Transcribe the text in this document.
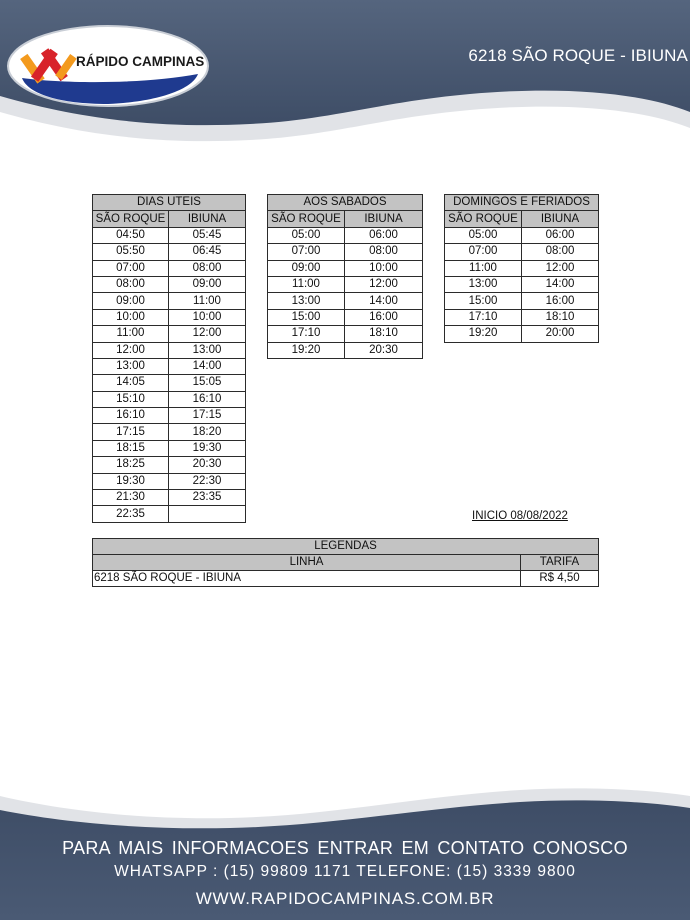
RÁPIDO CAMPINAS	6218 SÃO ROQUE - IBIUNA
DIAS UTEIS	
SÃO ROQUE	IBIUNA
04:50	05:45
05:50	06:45
07:00	08:00
08:00	09:00
09:00	11:00
10:00	10:00
11:00	12:00
12:00	13:00
13:00	14:00
14:05	15:05
15:10	16:10
16:10	17:15
17:15	18:20
18:15	19:30
18:25	20:30
19:30	22:30
21:30	23:35
22:35	
AOS SABADOS	
SÃO ROQUE	IBIUNA
05:00	06:00
07:00	08:00
09:00	10:00
11:00	12:00
13:00	14:00
15:00	16:00
17:10	18:10
19:20	20:30
DOMINGOS E FERIADOS	
SÃO ROQUE	IBIUNA
05:00	06:00
07:00	08:00
11:00	12:00
13:00	14:00
15:00	16:00
17:10	18:10
19:20	20:00
INICIO 08/08/2022
LEGENDAS	
LINHA	TARIFA
6218 SÃO ROQUE - IBIUNA	R$ 4,50
PARA MAIS INFORMACOES ENTRAR EM CONTATO CONOSCO
WHATSAPP : (15) 99809 1171 TELEFONE: (15) 3339 9800
WWW.RAPIDOCAMPINAS.COM.BR
